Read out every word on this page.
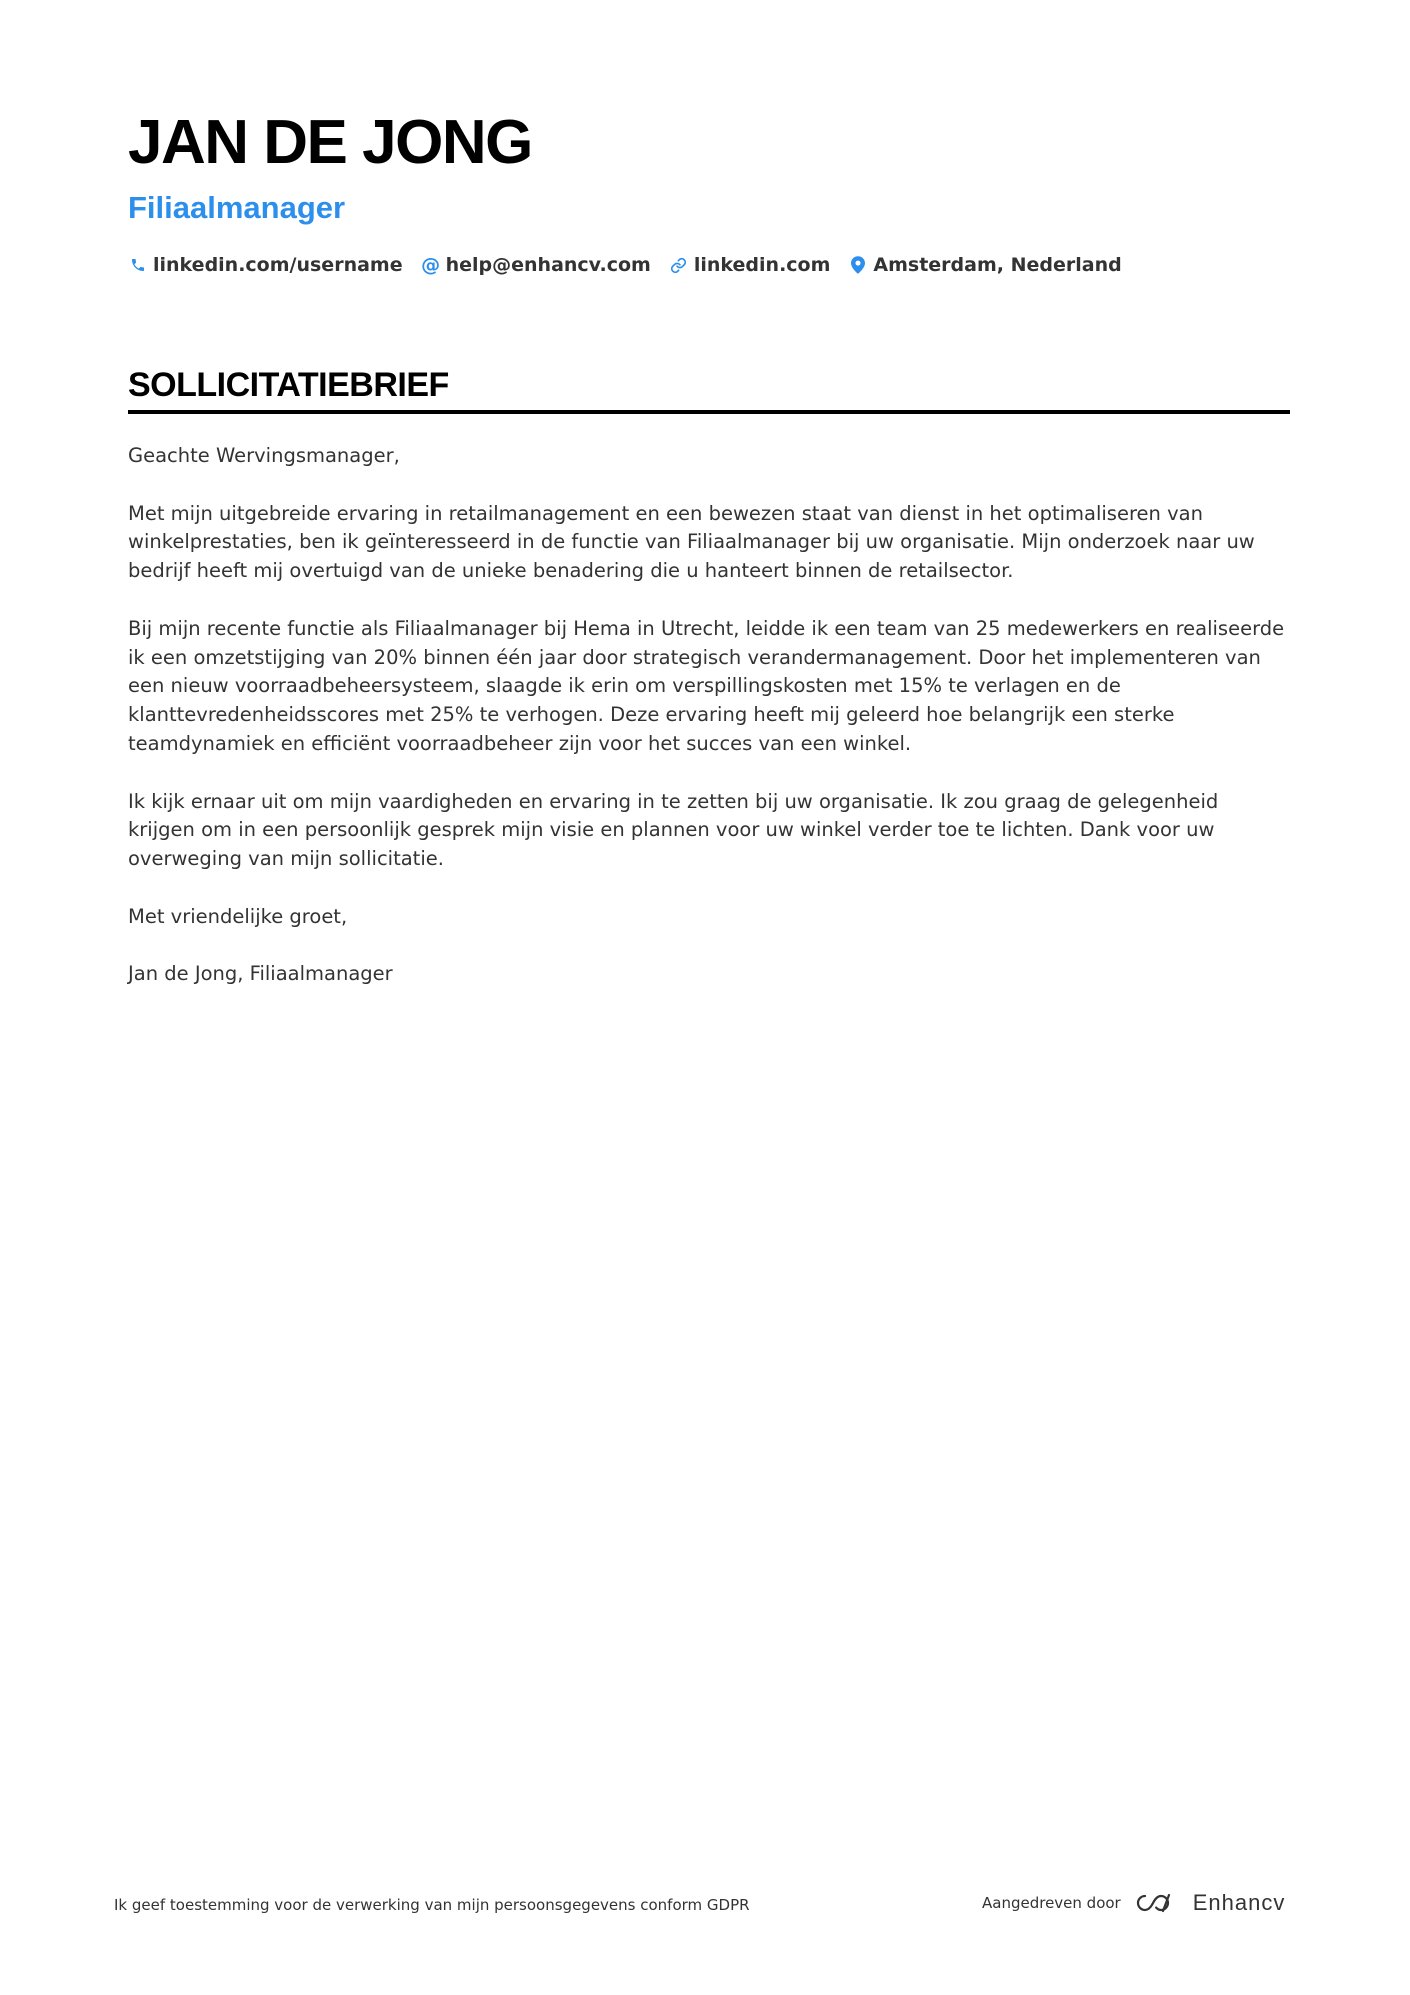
JAN DE JONG
Filiaalmanager
linkedin.com/username @ help@enhancv.com linkedin.com Amsterdam, Nederland
SOLLICITATIEBRIEF

Geachte Wervingsmanager,

Met mijn uitgebreide ervaring in retailmanagement en een bewezen staat van dienst in het optimaliseren van winkelprestaties, ben ik geïnteresseerd in de functie van Filiaalmanager bij uw organisatie. Mijn onderzoek naar uw bedrijf heeft mij overtuigd van de unieke benadering die u hanteert binnen de retailsector.

Bij mijn recente functie als Filiaalmanager bij Hema in Utrecht, leidde ik een team van 25 medewerkers en realiseerde ik een omzetstijging van 20% binnen één jaar door strategisch verandermanagement. Door het implementeren van een nieuw voorraadbeheersysteem, slaagde ik erin om verspillingskosten met 15% te verlagen en de klanttevredenheidsscores met 25% te verhogen. Deze ervaring heeft mij geleerd hoe belangrijk een sterke teamdynamiek en efficiënt voorraadbeheer zijn voor het succes van een winkel.

Ik kijk ernaar uit om mijn vaardigheden en ervaring in te zetten bij uw organisatie. Ik zou graag de gelegenheid krijgen om in een persoonlijk gesprek mijn visie en plannen voor uw winkel verder toe te lichten. Dank voor uw overweging van mijn sollicitatie.

Met vriendelijke groet,

Jan de Jong, Filiaalmanager

Ik geef toestemming voor de verwerking van mijn persoonsgegevens conform GDPR	Aangedreven door	Enhancv
